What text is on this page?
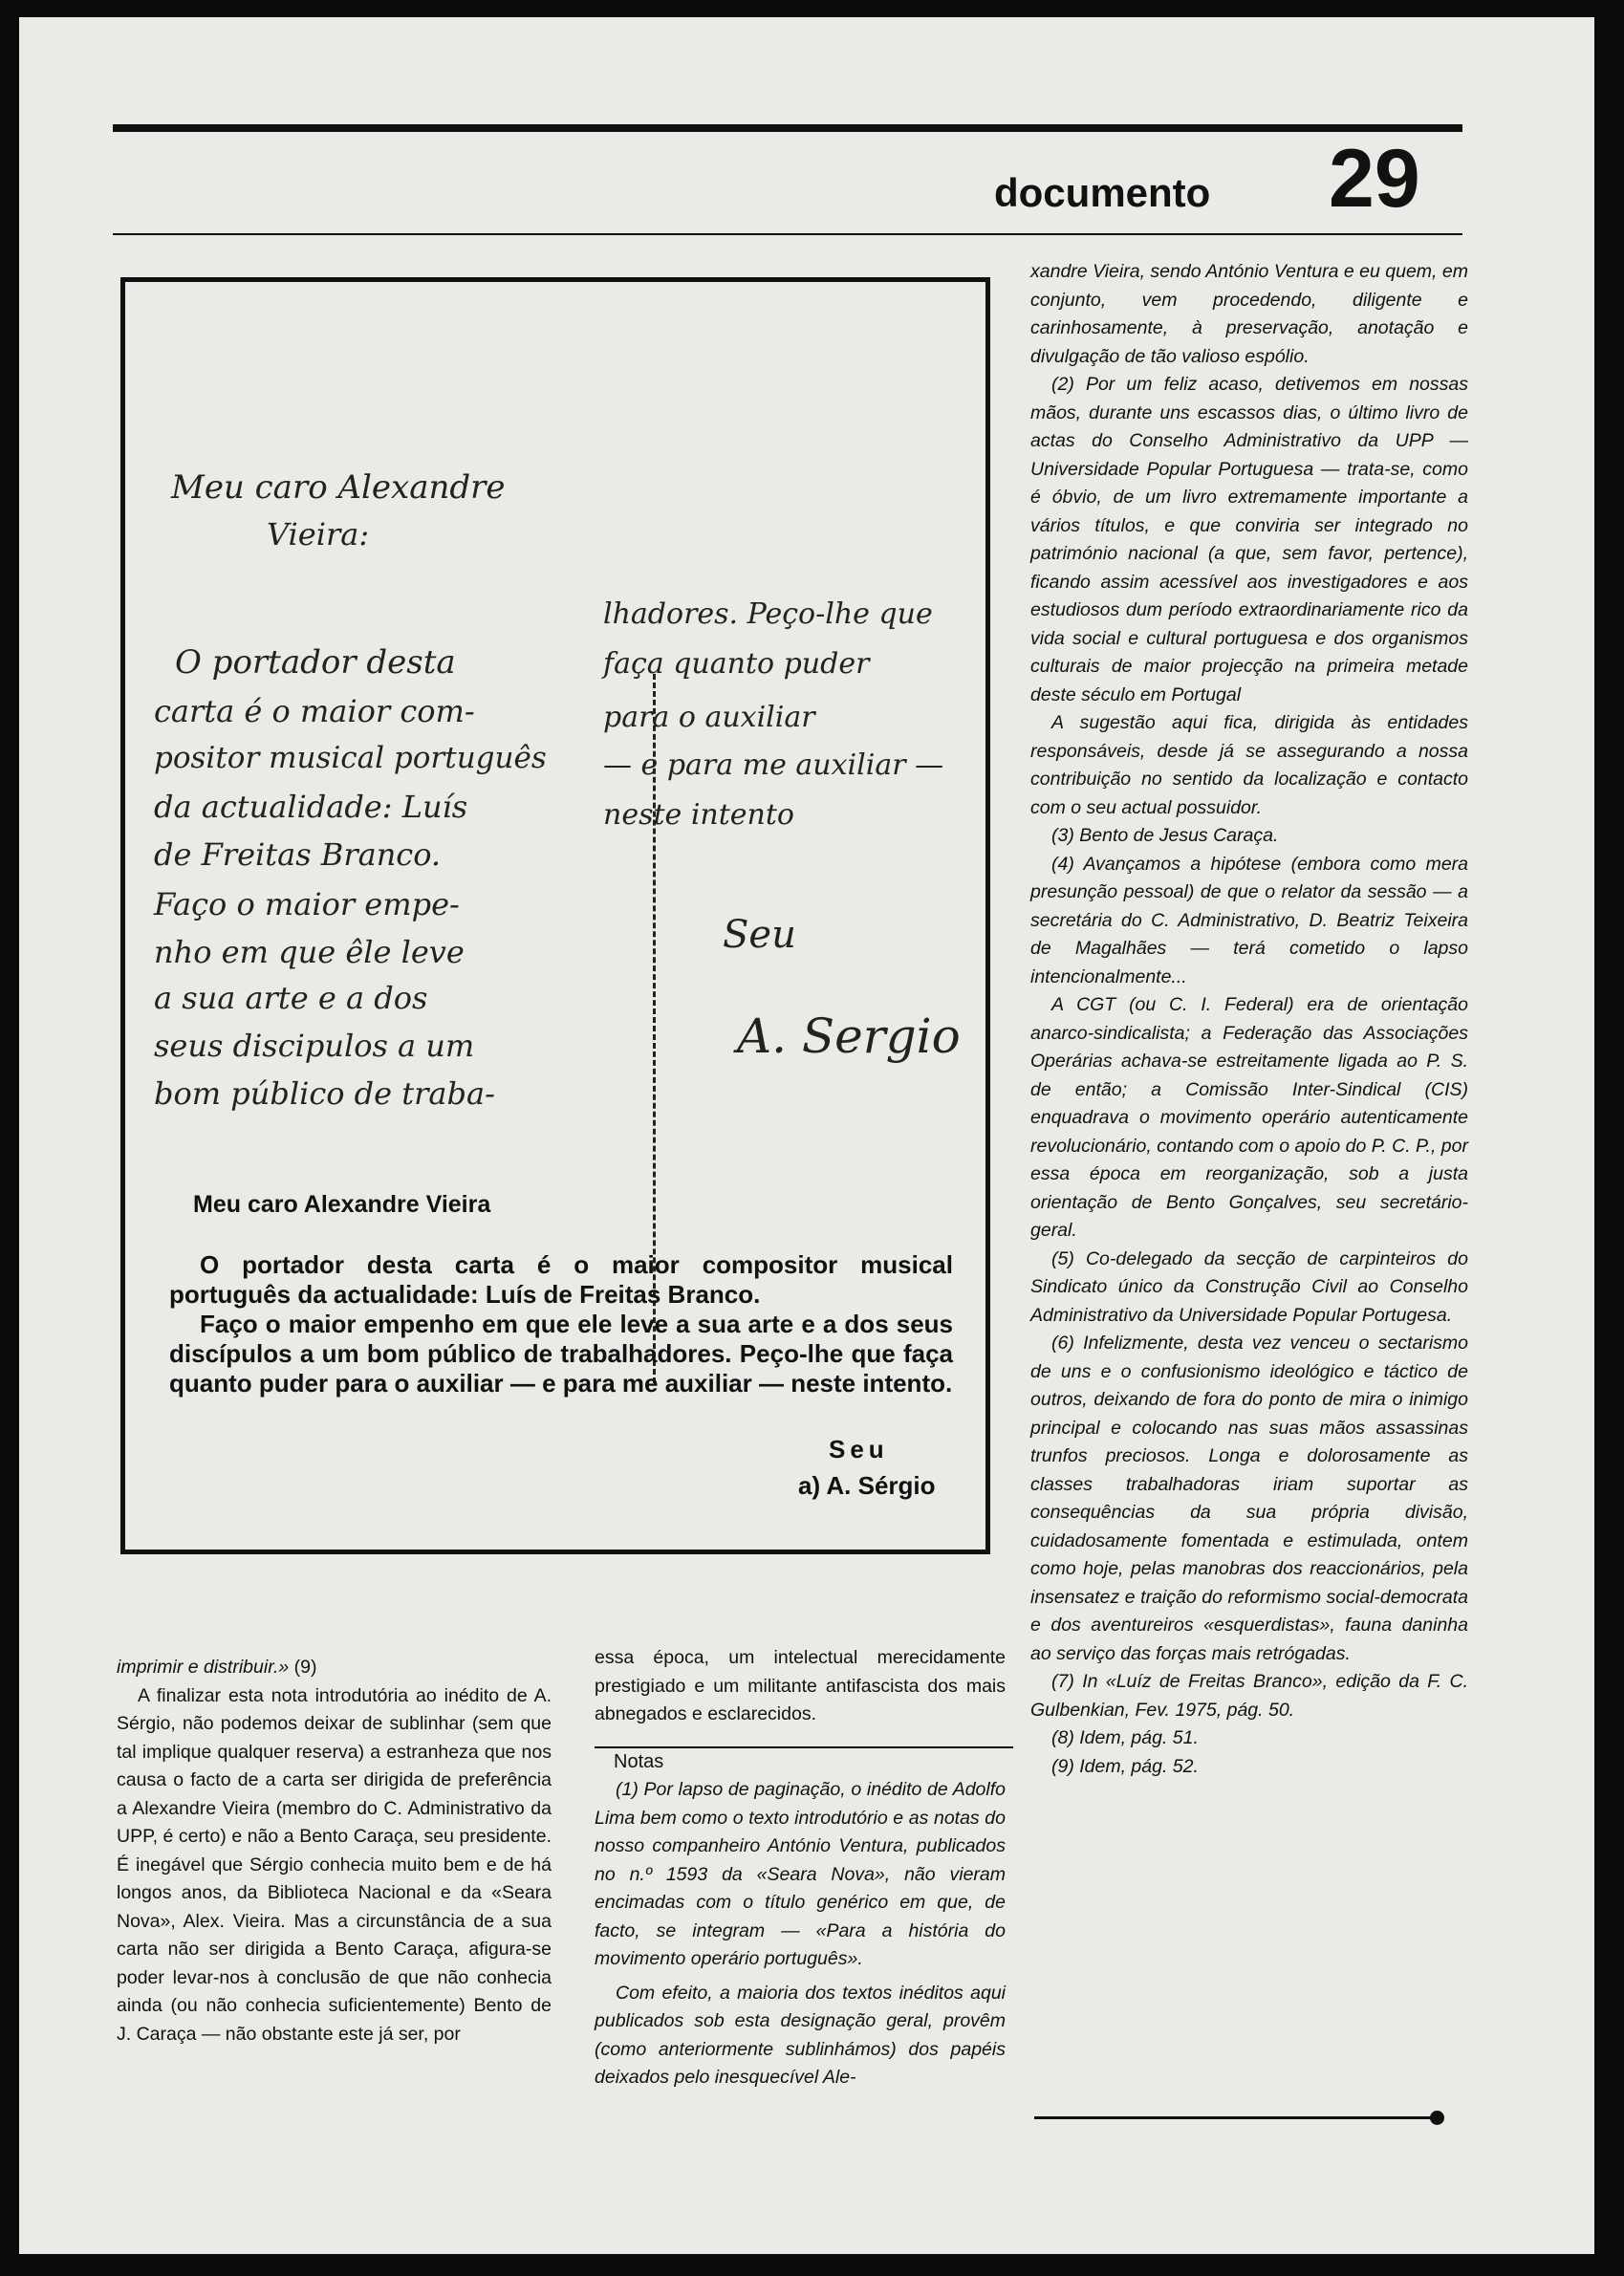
documento 29
Meu caro Alexandre
Vieira:
O portador desta
carta é o maior com-
positor musical português
da actualidade: Luís
de Freitas Branco.
Faço o maior empe-
nho em que êle leve
a sua arte e a dos
seus discipulos a um
bom público de traba-
lhadores. Peço-lhe que
faça quanto puder
para o auxiliar
— e para me auxiliar —
neste intento
Seu
A. Sergio

Meu caro Alexandre Vieira

O portador desta carta é o maior compositor musical português da actualidade: Luís de Freitas Branco.

Faço o maior empenho em que ele leve a sua arte e a dos seus discípulos a um bom público de trabalhadores. Peço-lhe que faça quanto puder para o auxiliar — e para me auxiliar — neste intento.

Seu

a) A. Sérgio

xandre Vieira, sendo António Ventura e eu quem, em conjunto, vem procedendo, diligente e carinhosamente, à preservação, anotação e divulgação de tão valioso espólio.

(2) Por um feliz acaso, detivemos em nossas mãos, durante uns escassos dias, o último livro de actas do Conselho Administrativo da UPP — Universidade Popular Portuguesa — trata-se, como é óbvio, de um livro extremamente importante a vários títulos, e que conviria ser integrado no património nacional (a que, sem favor, pertence), ficando assim acessível aos investigadores e aos estudiosos dum período extraordinariamente rico da vida social e cultural portuguesa e dos organismos culturais de maior projecção na primeira metade deste século em Portugal

A sugestão aqui fica, dirigida às entidades responsáveis, desde já se assegurando a nossa contribuição no sentido da localização e contacto com o seu actual possuidor.

(3) Bento de Jesus Caraça.

(4) Avançamos a hipótese (embora como mera presunção pessoal) de que o relator da sessão — a secretária do C. Administrativo, D. Beatriz Teixeira de Magalhães — terá cometido o lapso intencionalmente...

A CGT (ou C. I. Federal) era de orientação anarco-sindicalista; a Federação das Associações Operárias achava-se estreitamente ligada ao P. S. de então; a Comissão Inter-Sindical (CIS) enquadrava o movimento operário autenticamente revolucionário, contando com o apoio do P. C. P., por essa época em reorganização, sob a justa orientação de Bento Gonçalves, seu secretário-geral.

(5) Co-delegado da secção de carpinteiros do Sindicato único da Construção Civil ao Conselho Administrativo da Universidade Popular Portugesa.

(6) Infelizmente, desta vez venceu o sectarismo de uns e o confusionismo ideológico e táctico de outros, deixando de fora do ponto de mira o inimigo principal e colocando nas suas mãos assassinas trunfos preciosos. Longa e dolorosamente as classes trabalhadoras iriam suportar as consequências da sua própria divisão, cuidadosamente fomentada e estimulada, ontem como hoje, pelas manobras dos reaccionários, pela insensatez e traição do reformismo social-democrata e dos aventureiros «esquerdistas», fauna daninha ao serviço das forças mais retrógadas.

(7) In «Luíz de Freitas Branco», edição da F. C. Gulbenkian, Fev. 1975, pág. 50.

(8) Idem, pág. 51.

(9) Idem, pág. 52.

imprimir e distribuir.» (9)

A finalizar esta nota introdutória ao inédito de A. Sérgio, não podemos deixar de sublinhar (sem que tal implique qualquer reserva) a estranheza que nos causa o facto de a carta ser dirigida de preferência a Alexandre Vieira (membro do C. Administrativo da UPP, é certo) e não a Bento Caraça, seu presidente. É inegável que Sérgio conhecia muito bem e de há longos anos, da Biblioteca Nacional e da «Seara Nova», Alex. Vieira. Mas a circunstância de a sua carta não ser dirigida a Bento Caraça, afigura-se poder levar-nos à conclusão de que não conhecia ainda (ou não conhecia suficientemente) Bento de J. Caraça — não obstante este já ser, por

essa época, um intelectual merecidamente prestigiado e um militante antifascista dos mais abnegados e esclarecidos.

Notas

(1) Por lapso de paginação, o inédito de Adolfo Lima bem como o texto introdutório e as notas do nosso companheiro António Ventura, publicados no n.º 1593 da «Seara Nova», não vieram encimadas com o título genérico em que, de facto, se integram — «Para a história do movimento operário português».

Com efeito, a maioria dos textos inéditos aqui publicados sob esta designação geral, provêm (como anteriormente sublinhámos) dos papéis deixados pelo inesquecível Ale-
